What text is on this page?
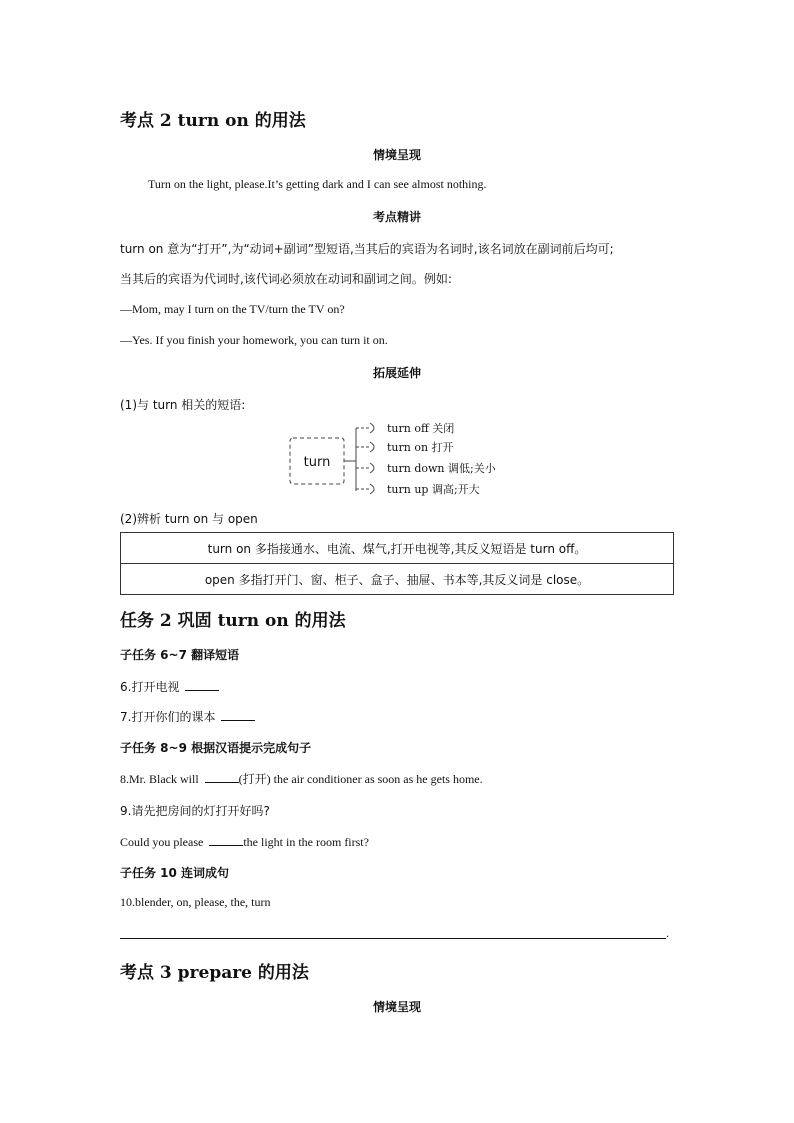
考点 2 turn on 的用法
情境呈现
Turn on the light, please.It’s getting dark and I can see almost nothing.
考点精讲
turn on 意为“打开”,为“动词+副词”型短语,当其后的宾语为名词时,该名词放在副词前后均可;
当其后的宾语为代词时,该代词必须放在动词和副词之间。例如:
—Mom, may I turn on the TV/turn the TV on?
—Yes. If you finish your homework, you can turn it on.
拓展延伸
(1)与 turn 相关的短语:
turn
turn off 关闭
turn on 打开
turn down 调低;关小
turn up 调高;开大
(2)辨析 turn on 与 open
turn on 多指接通水、电流、煤气,打开电视等,其反义短语是 turn off。
open 多指打开门、窗、柜子、盒子、抽屉、书本等,其反义词是 close。
任务 2 巩固 turn on 的用法
子任务 6~7 翻译短语
6.打开电视
7.打开你们的课本
子任务 8~9 根据汉语提示完成句子
8.Mr. Black will	(打开) the air conditioner as soon as he gets home.
9.请先把房间的灯打开好吗?
Could you please	the light in the room first?
子任务 10 连词成句
10.blender, on, please, the, turn
.
考点 3 prepare 的用法
情境呈现
